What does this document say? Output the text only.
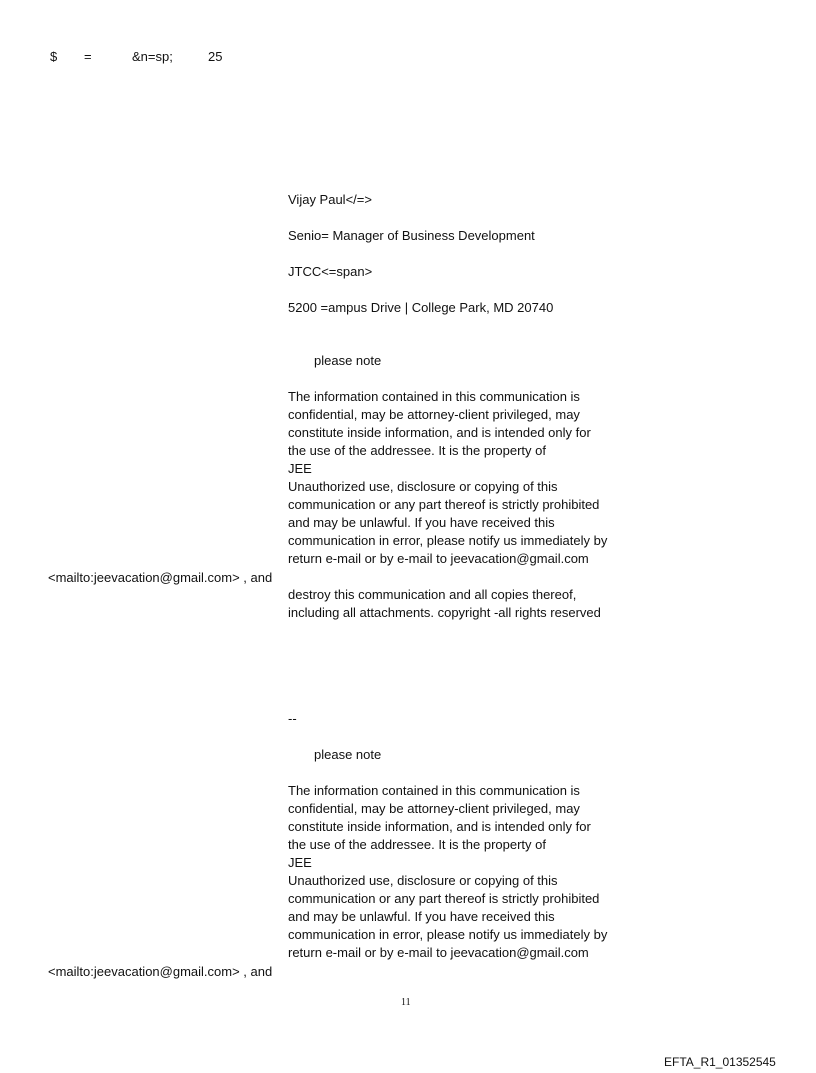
$ =	&n=sp;	25
Vijay Paul</=>
Senio= Manager of Business Development
JTCC<=span>
5200 =ampus Drive | College Park, MD 20740
please note
The information contained in this communication is
confidential, may be attorney-client privileged, may
constitute inside information, and is intended only for
the use of the addressee. It is the property of
JEE
Unauthorized use, disclosure or copying of this
communication or any part thereof is strictly prohibited
and may be unlawful. If you have received this
communication in error, please notify us immediately by
return e-mail or by e-mail to jeevacation@gmail.com
<mailto:jeevacation@gmail.com> , and
destroy this communication and all copies thereof,
including all attachments. copyright -all rights reserved
--
please note
The information contained in this communication is
confidential, may be attorney-client privileged, may
constitute inside information, and is intended only for
the use of the addressee. It is the property of
JEE
Unauthorized use, disclosure or copying of this
communication or any part thereof is strictly prohibited
and may be unlawful. If you have received this
communication in error, please notify us immediately by
return e-mail or by e-mail to jeevacation@gmail.com
<mailto:jeevacation@gmail.com> , and
11
EFTA_R1_01352545
